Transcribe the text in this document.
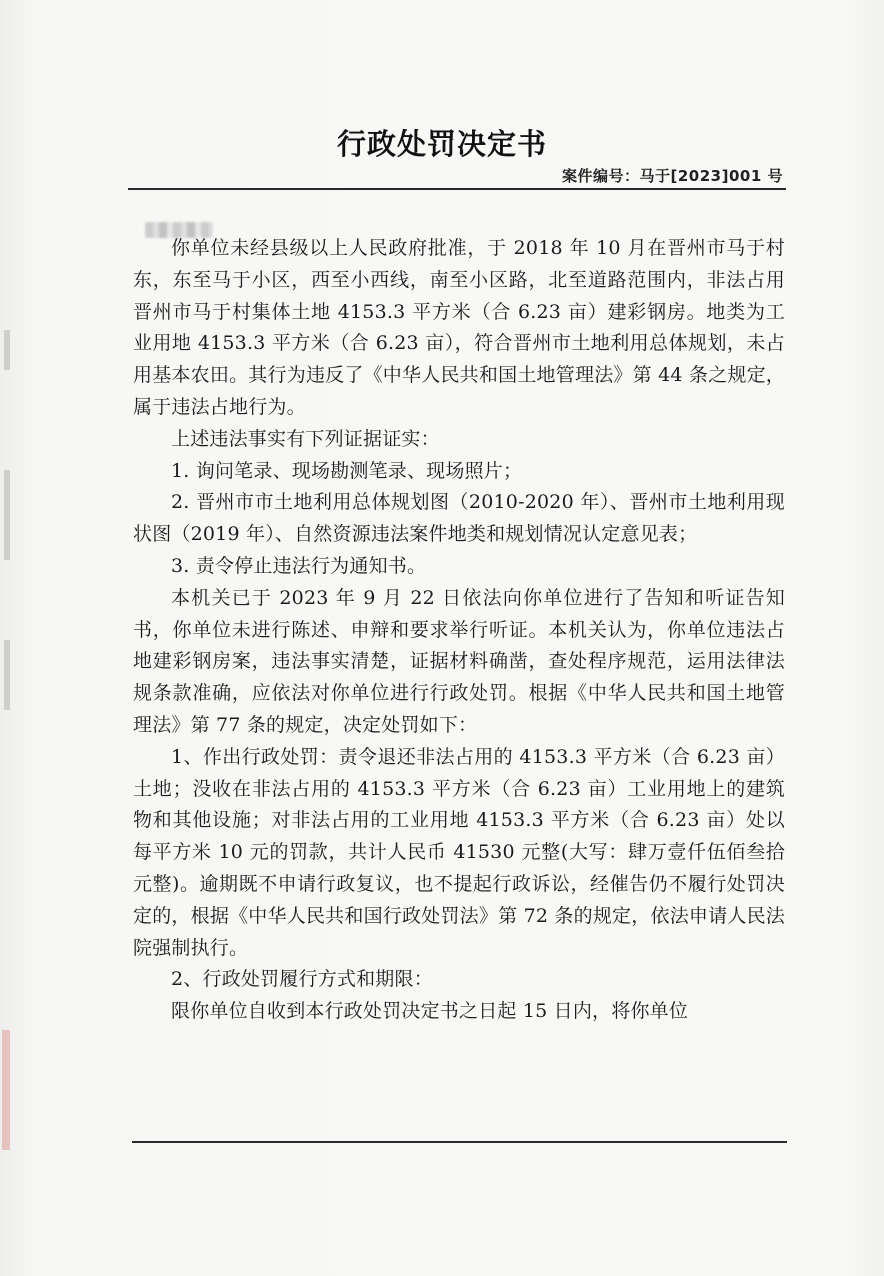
行政处罚决定书
案件编号：马于[2023]001 号

你单位未经县级以上人民政府批准，于 2018 年 10 月在晋州市马于村东，东至马于小区，西至小西线，南至小区路，北至道路范围内，非法占用晋州市马于村集体土地 4153.3 平方米（合 6.23 亩）建彩钢房。地类为工业用地 4153.3 平方米（合 6.23 亩），符合晋州市土地利用总体规划，未占用基本农田。其行为违反了《中华人民共和国土地管理法》第 44 条之规定，属于违法占地行为。

上述违法事实有下列证据证实：

1. 询问笔录、现场勘测笔录、现场照片；

2. 晋州市市土地利用总体规划图（2010-2020 年）、晋州市土地利用现状图（2019 年）、自然资源违法案件地类和规划情况认定意见表；

3. 责令停止违法行为通知书。

本机关已于 2023 年 9 月 22 日依法向你单位进行了告知和听证告知书，你单位未进行陈述、申辩和要求举行听证。本机关认为，你单位违法占地建彩钢房案，违法事实清楚，证据材料确凿，查处程序规范，运用法律法规条款准确，应依法对你单位进行行政处罚。根据《中华人民共和国土地管理法》第 77 条的规定，决定处罚如下：

1、作出行政处罚：责令退还非法占用的 4153.3 平方米（合 6.23 亩）土地；没收在非法占用的 4153.3 平方米（合 6.23 亩）工业用地上的建筑物和其他设施；对非法占用的工业用地 4153.3 平方米（合 6.23 亩）处以每平方米 10 元的罚款，共计人民币 41530 元整(大写：肆万壹仟伍佰叁拾元整)。逾期既不申请行政复议，也不提起行政诉讼，经催告仍不履行处罚决定的，根据《中华人民共和国行政处罚法》第 72 条的规定，依法申请人民法院强制执行。

2、行政处罚履行方式和期限：

限你单位自收到本行政处罚决定书之日起 15 日内，将你单位
